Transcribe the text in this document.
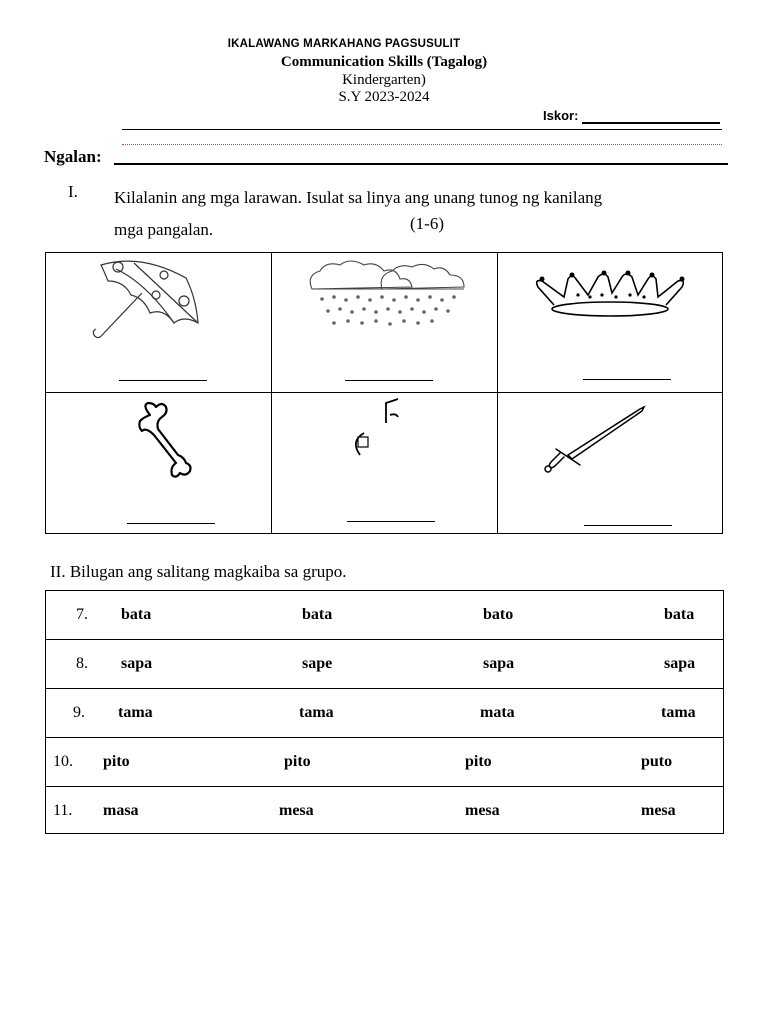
IKALAWANG MARKAHANG PAGSUSULIT
Communication Skills (Tagalog)
Kindergarten)
S.Y 2023-2024
Iskor:
Ngalan:
I. Kilalanin ang mga larawan. Isulat sa linya ang unang tunog ng kanilang
mga pangalan.	(1-6)
II. Bilugan ang salitang magkaiba sa grupo.
7. bata	bata	bato	bata
8. sapa	sape	sapa	sapa
9. tama	tama	mata	tama
10. pito	pito	pito	puto
11. masa	mesa	mesa	mesa
